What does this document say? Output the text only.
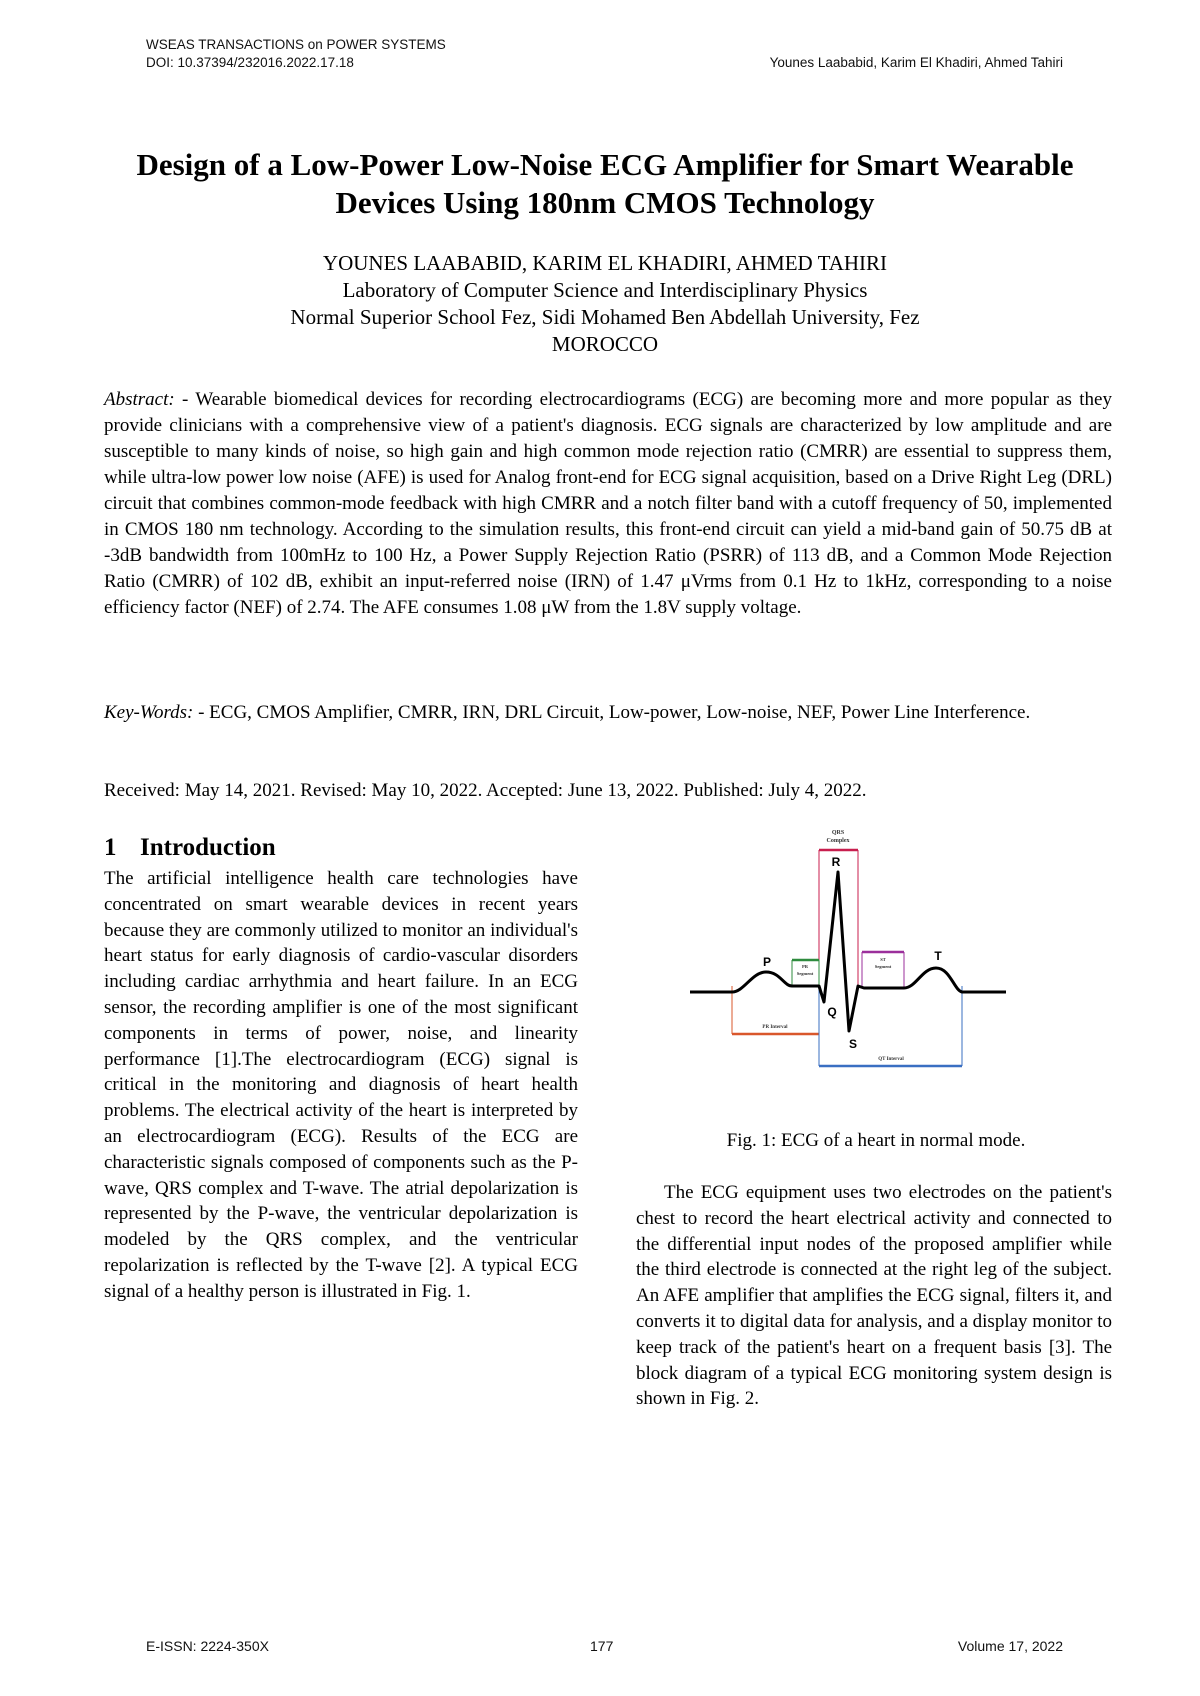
WSEAS TRANSACTIONS on POWER SYSTEMS
DOI: 10.37394/232016.2022.17.18	Younes Laababid, Karim El Khadiri, Ahmed Tahiri
Design of a Low-Power Low-Noise ECG Amplifier for Smart Wearable Devices Using 180nm CMOS Technology
YOUNES LAABABID, KARIM EL KHADIRI, AHMED TAHIRI
Laboratory of Computer Science and Interdisciplinary Physics
Normal Superior School Fez, Sidi Mohamed Ben Abdellah University, Fez
MOROCCO
Abstract: - Wearable biomedical devices for recording electrocardiograms (ECG) are becoming more and more popular as they provide clinicians with a comprehensive view of a patient's diagnosis. ECG signals are characterized by low amplitude and are susceptible to many kinds of noise, so high gain and high common mode rejection ratio (CMRR) are essential to suppress them, while ultra-low power low noise (AFE) is used for Analog front-end for ECG signal acquisition, based on a Drive Right Leg (DRL) circuit that combines common-mode feedback with high CMRR and a notch filter band with a cutoff frequency of 50, implemented in CMOS 180 nm technology. According to the simulation results, this front-end circuit can yield a mid-band gain of 50.75 dB at -3dB bandwidth from 100mHz to 100 Hz, a Power Supply Rejection Ratio (PSRR) of 113 dB, and a Common Mode Rejection Ratio (CMRR) of 102 dB, exhibit an input-referred noise (IRN) of 1.47 μVrms from 0.1 Hz to 1kHz, corresponding to a noise efficiency factor (NEF) of 2.74. The AFE consumes 1.08 μW from the 1.8V supply voltage.
Key-Words: - ECG, CMOS Amplifier, CMRR, IRN, DRL Circuit, Low-power, Low-noise, NEF, Power Line Interference.
Received: May 14, 2021. Revised: May 10, 2022. Accepted: June 13, 2022. Published: July 4, 2022.
1 Introduction
The artificial intelligence health care technologies have concentrated on smart wearable devices in recent years because they are commonly utilized to monitor an individual's heart status for early diagnosis of cardio-vascular disorders including cardiac arrhythmia and heart failure. In an ECG sensor, the recording amplifier is one of the most significant components in terms of power, noise, and linearity performance [1].The electrocardiogram (ECG) signal is critical in the monitoring and diagnosis of heart health problems. The electrical activity of the heart is interpreted by an electrocardiogram (ECG). Results of the ECG are characteristic signals composed of components such as the P-wave, QRS complex and T-wave. The atrial depolarization is represented by the P-wave, the ventricular depolarization is modeled by the QRS complex, and the ventricular repolarization is reflected by the T-wave [2]. A typical ECG signal of a healthy person is illustrated in Fig. 1.
QRS
Complex
PR
Segment
ST
Segment
PR Interval
QT Interval
R
P	T
Q
S
Fig. 1: ECG of a heart in normal mode.
The ECG equipment uses two electrodes on the patient's chest to record the heart electrical activity and connected to the differential input nodes of the proposed amplifier while the third electrode is connected at the right leg of the subject. An AFE amplifier that amplifies the ECG signal, filters it, and converts it to digital data for analysis, and a display monitor to keep track of the patient's heart on a frequent basis [3]. The block diagram of a typical ECG monitoring system design is shown in Fig. 2.
E-ISSN: 2224-350X	177	Volume 17, 2022
